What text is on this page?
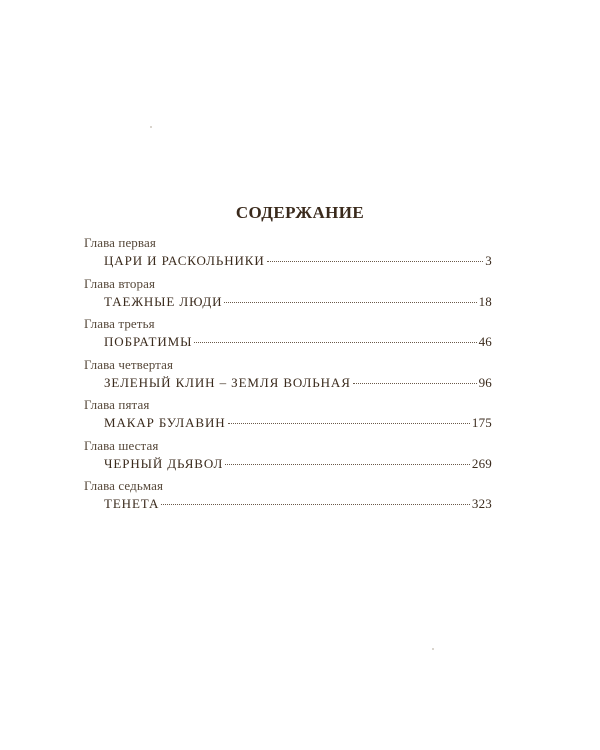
СОДЕРЖАНИЕ
Глава первая
ЦАРИ И РАСКОЛЬНИКИ	3
Глава вторая
ТАЕЖНЫЕ ЛЮДИ	18
Глава третья
ПОБРАТИМЫ	46
Глава четвертая
ЗЕЛЕНЫЙ КЛИН – ЗЕМЛЯ ВОЛЬНАЯ	96
Глава пятая
МАКАР БУЛАВИН	175
Глава шестая
ЧЕРНЫЙ ДЬЯВОЛ	269
Глава седьмая
ТЕНЕТА	323
